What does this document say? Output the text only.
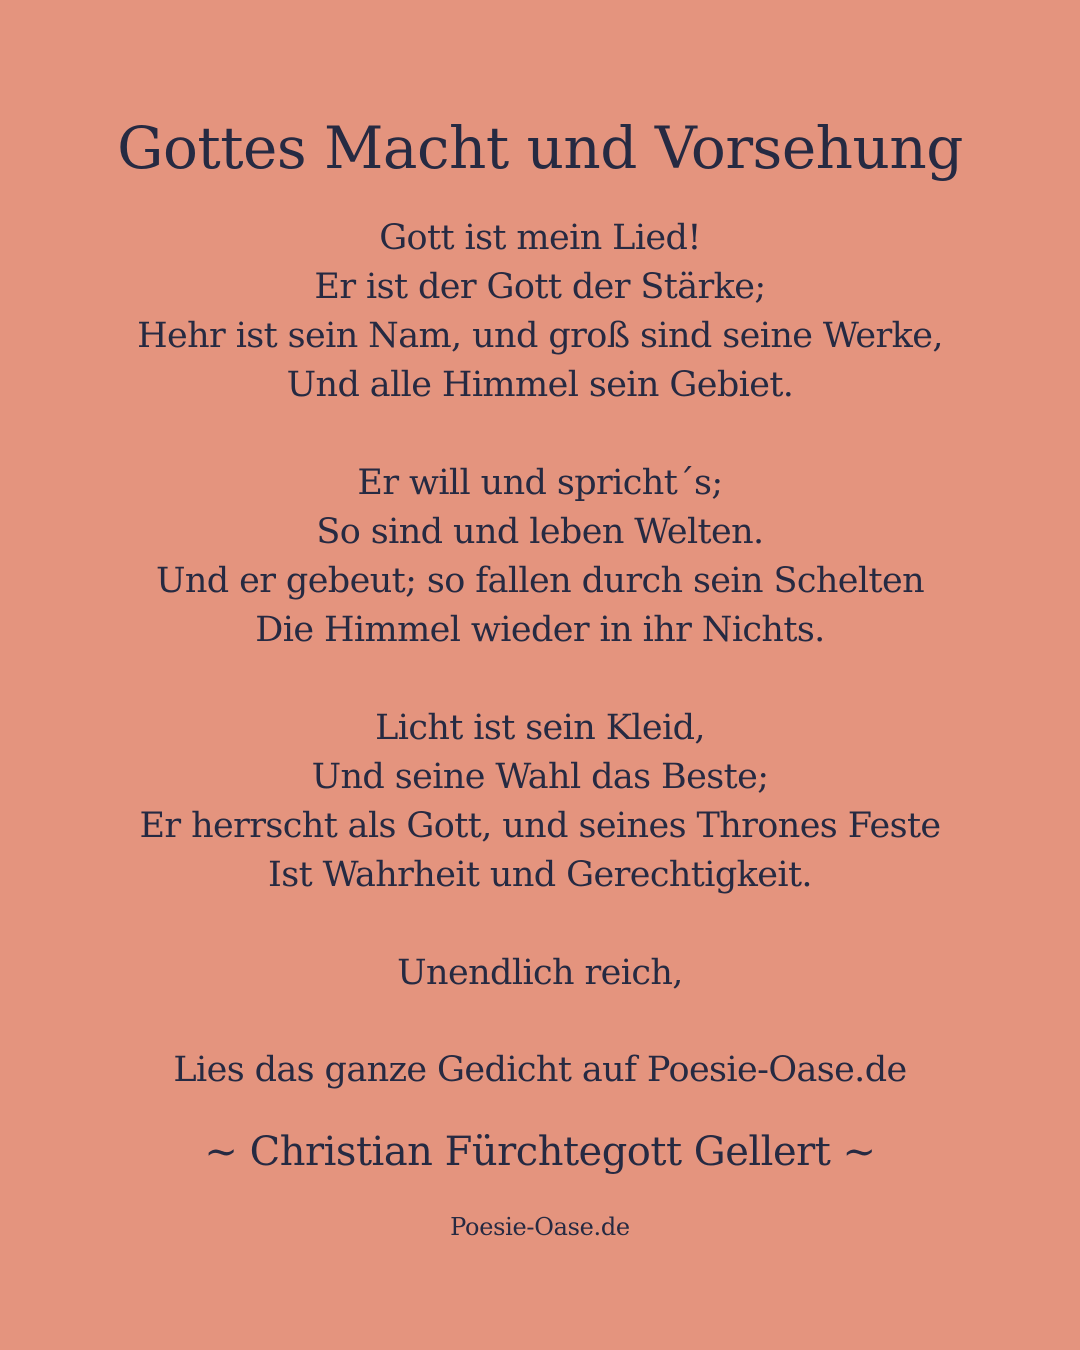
Gottes Macht und Vorsehung
Gott ist mein Lied!
Er ist der Gott der Stärke;
Hehr ist sein Nam, und groß sind seine Werke,
Und alle Himmel sein Gebiet.
Er will und spricht´s;
So sind und leben Welten.
Und er gebeut; so fallen durch sein Schelten
Die Himmel wieder in ihr Nichts.
Licht ist sein Kleid,
Und seine Wahl das Beste;
Er herrscht als Gott, und seines Thrones Feste
Ist Wahrheit und Gerechtigkeit.
Unendlich reich,
Lies das ganze Gedicht auf Poesie-Oase.de
~ Christian Fürchtegott Gellert ~
Poesie-Oase.de
